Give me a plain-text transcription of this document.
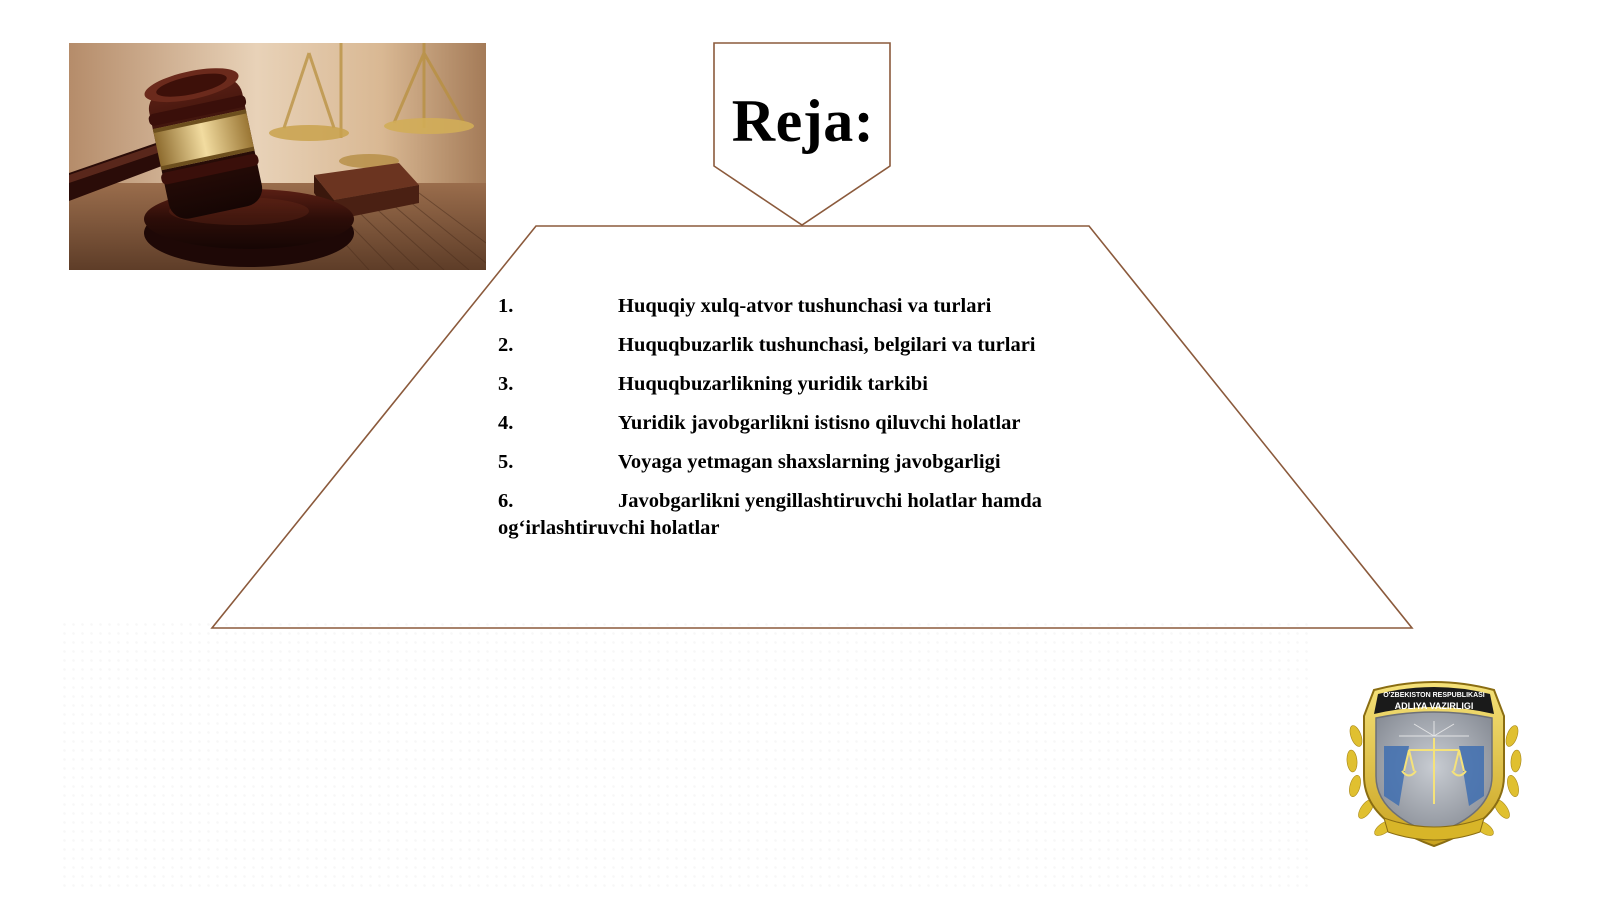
Reja:
1.	Huquqiy xulq-atvor tushunchasi va turlari
2.	Huquqbuzarlik tushunchasi, belgilari va turlari
3.	Huquqbuzarlikning yuridik tarkibi
4.	Yuridik javobgarlikni istisno qiluvchi holatlar
5.	Voyaga yetmagan shaxslarning javobgarligi
6.	Javobgarlikni yengillashtiruvchi holatlar hamda og‘irlashtiruvchi holatlar
O'ZBEKISTON RESPUBLIKASI
ADLIYA VAZIRLIGI
